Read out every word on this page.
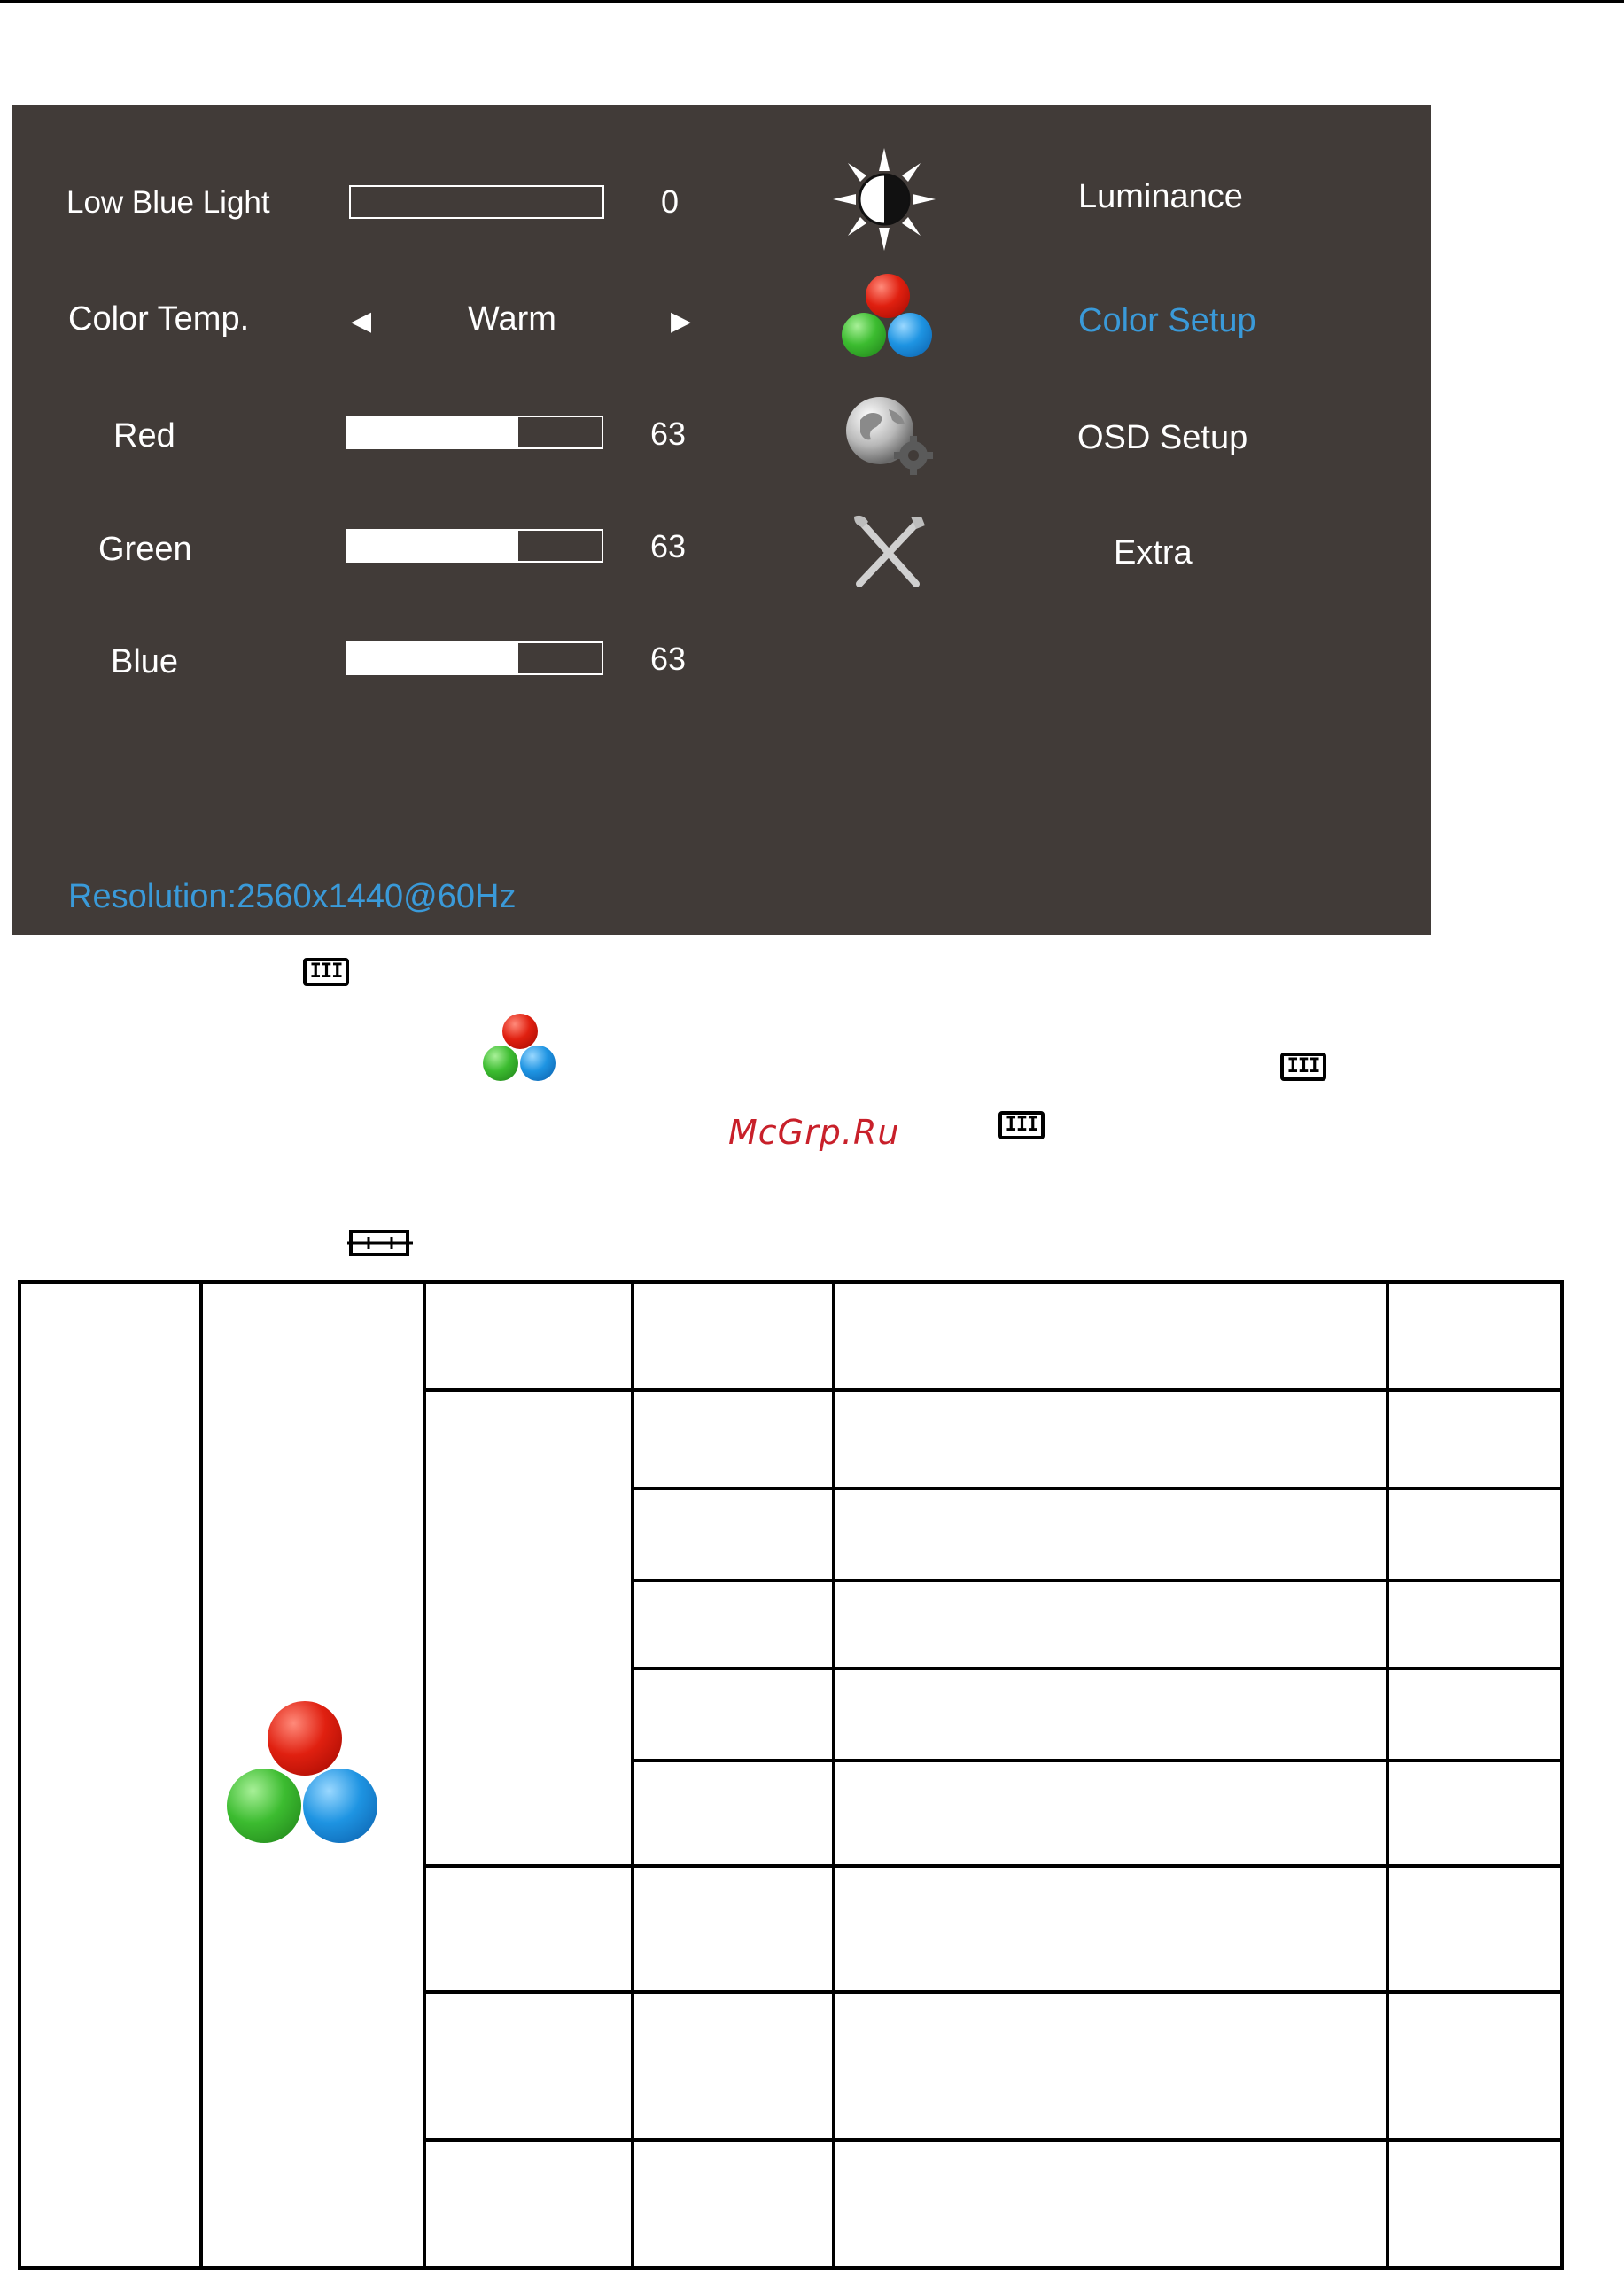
Low Blue Light	0
Color Temp.	◀	Warm	▶
Red	63
Green	63
Blue	63
Luminance
Color Setup
OSD Setup
Extra
Resolution:2560x1440@60Hz
III
III
III
McGrp.Ru
